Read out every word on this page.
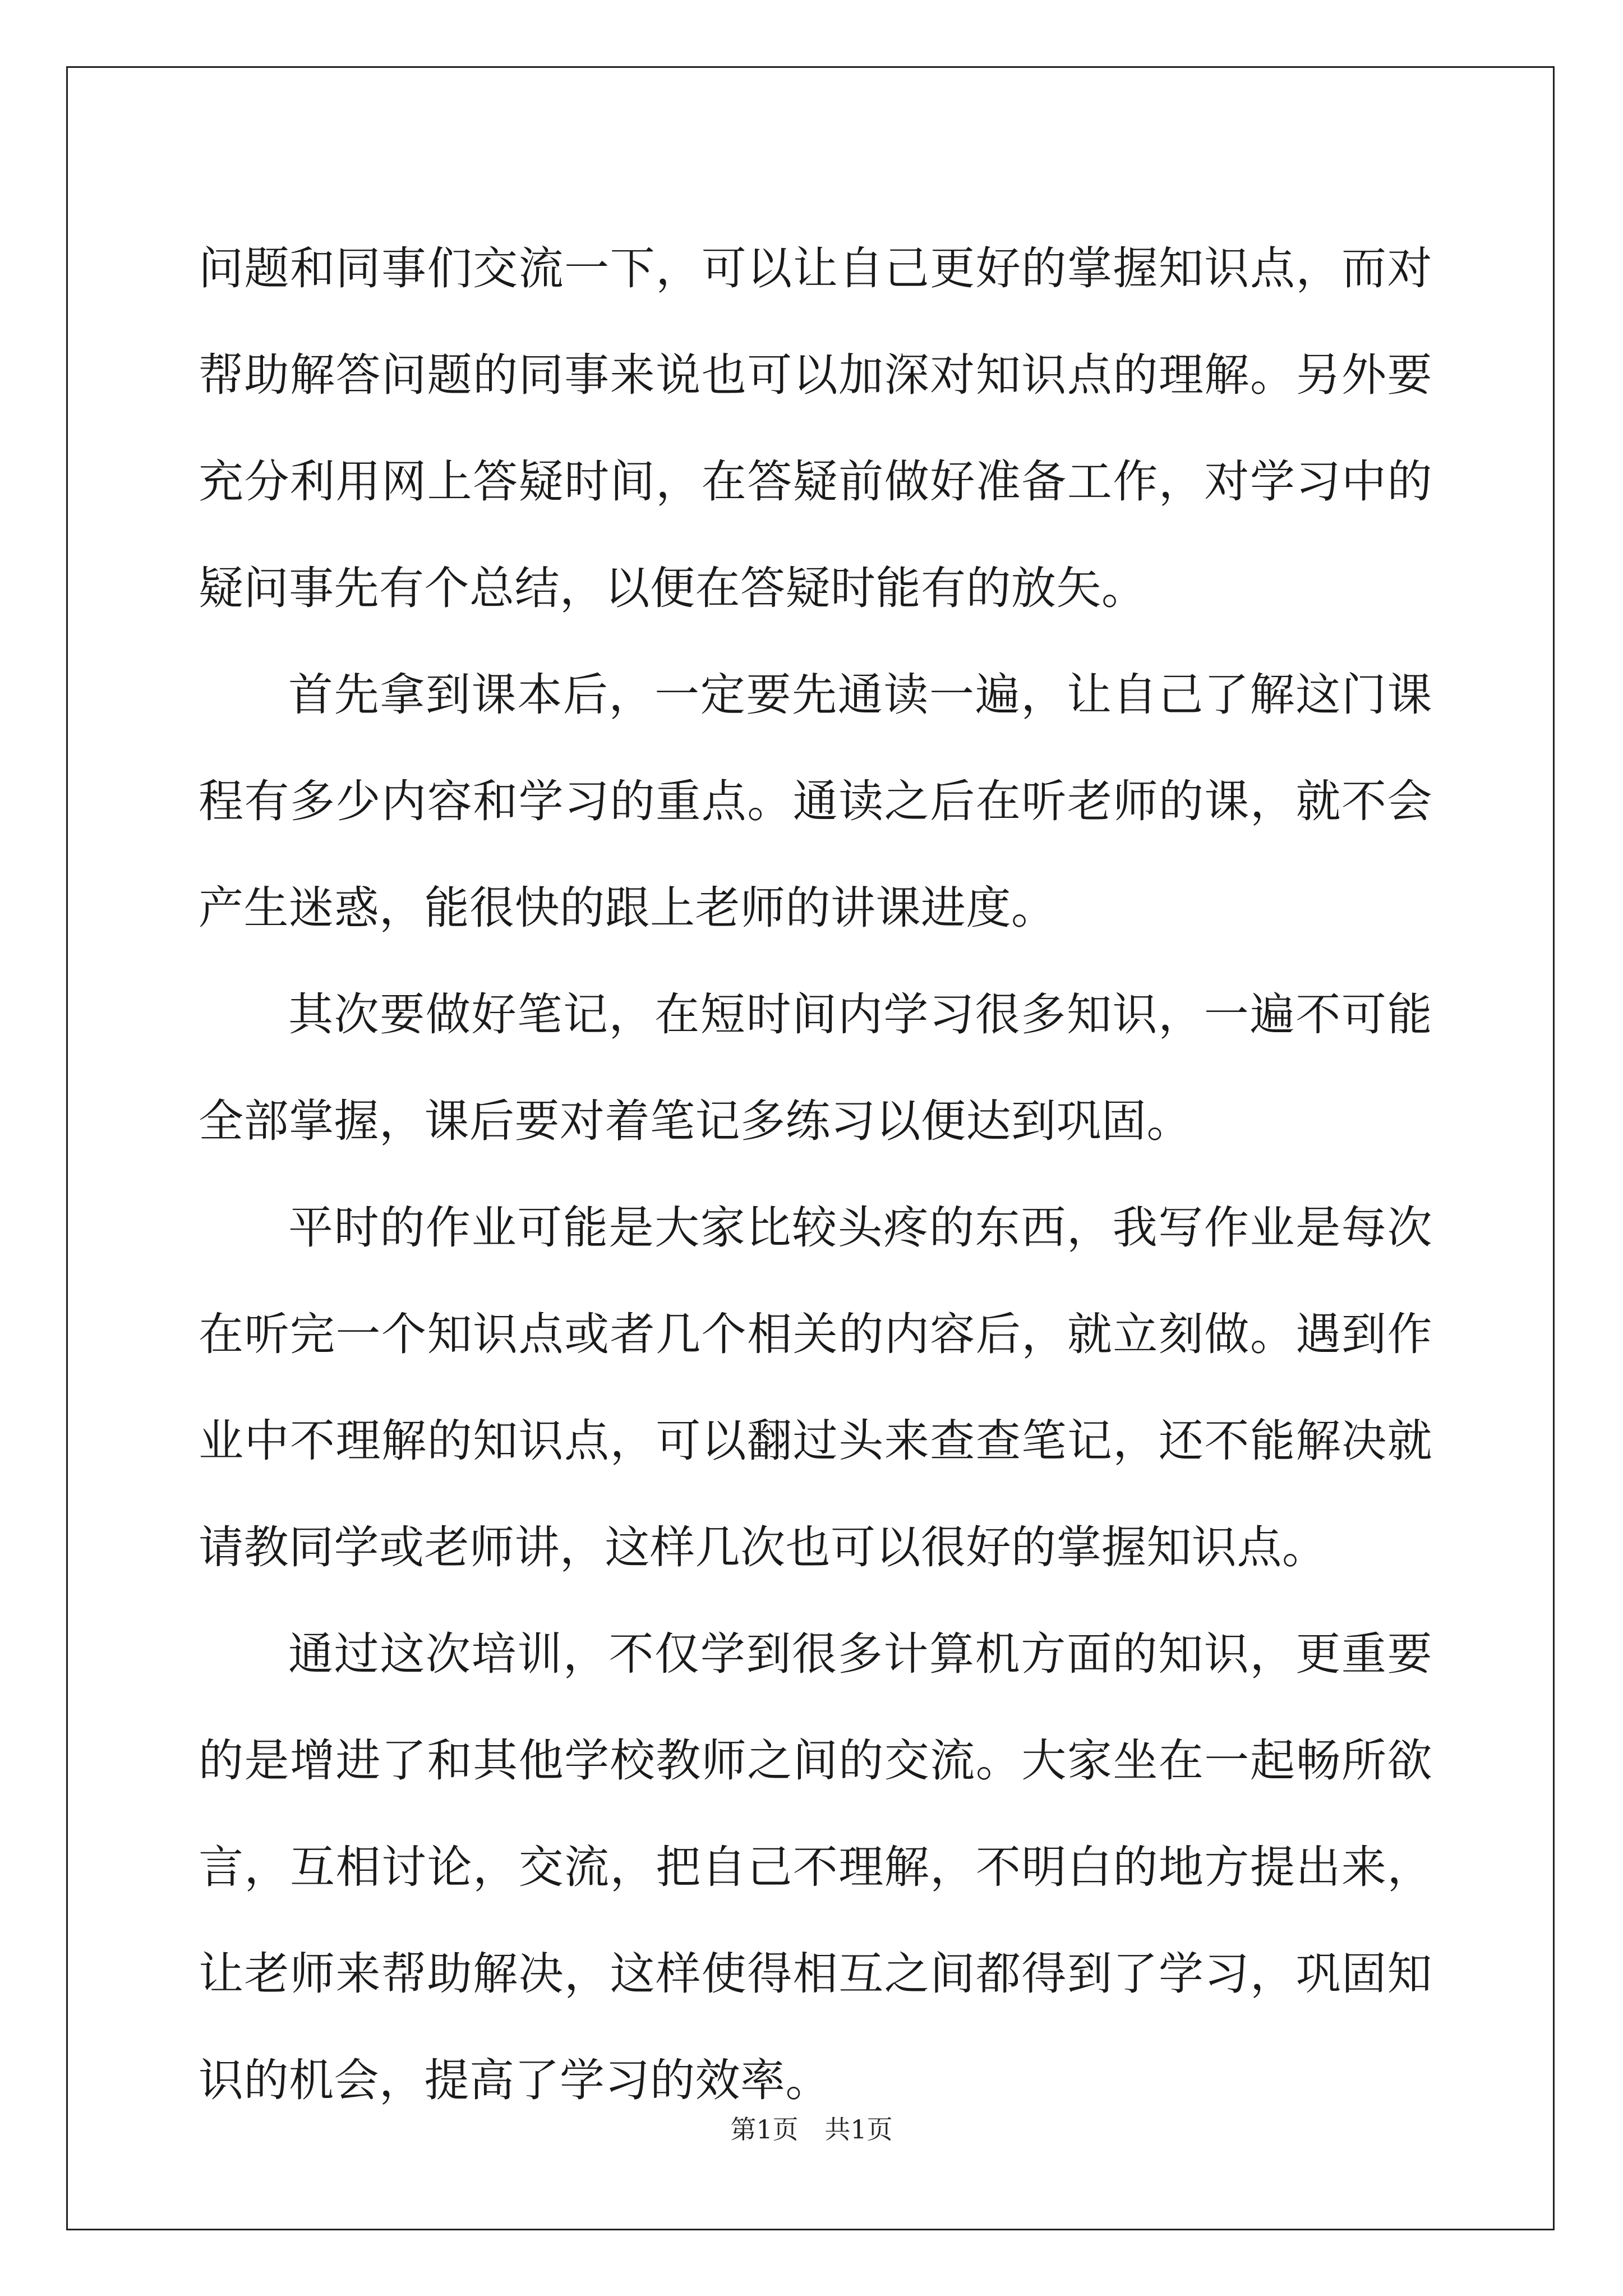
问题和同事们交流一下，可以让自己更好的掌握知识点，而对帮助解答问题的同事来说也可以加深对知识点的理解。另外要充分利用网上答疑时间，在答疑前做好准备工作，对学习中的疑问事先有个总结，以便在答疑时能有的放矢。

首先拿到课本后，一定要先通读一遍，让自己了解这门课程有多少内容和学习的重点。通读之后在听老师的课，就不会产生迷惑，能很快的跟上老师的讲课进度。

其次要做好笔记，在短时间内学习很多知识，一遍不可能全部掌握，课后要对着笔记多练习以便达到巩固。

平时的作业可能是大家比较头疼的东西，我写作业是每次在听完一个知识点或者几个相关的内容后，就立刻做。遇到作业中不理解的知识点，可以翻过头来查查笔记，还不能解决就请教同学或老师讲，这样几次也可以很好的掌握知识点。

通过这次培训，不仅学到很多计算机方面的知识，更重要的是增进了和其他学校教师之间的交流。大家坐在一起畅所欲言，互相讨论，交流，把自己不理解，不明白的地方提出来，让老师来帮助解决，这样使得相互之间都得到了学习，巩固知识的机会，提高了学习的效率。

第1页 共1页
